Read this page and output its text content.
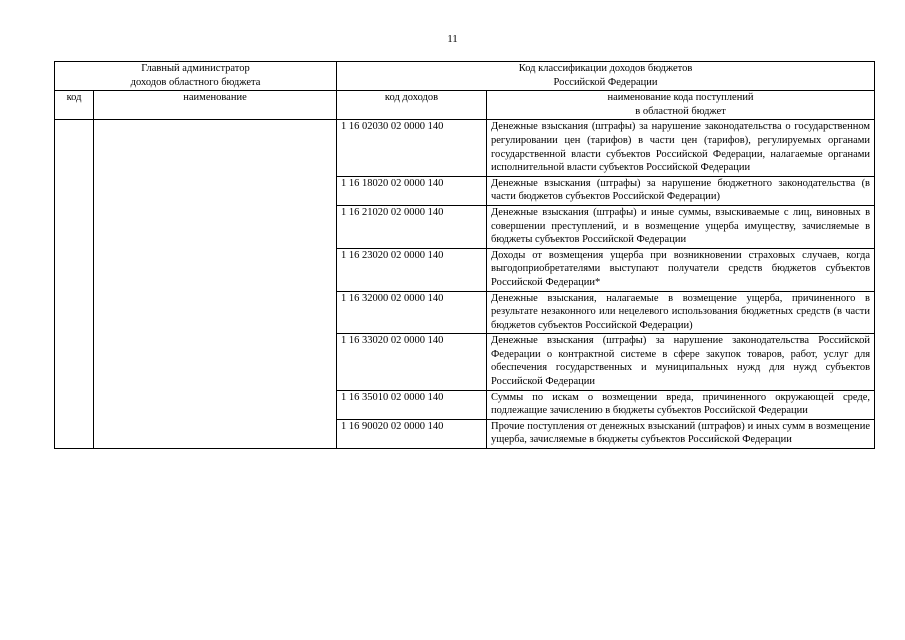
11
Главный администратор
доходов областного бюджета		Код классификации доходов бюджетов
Российской Федерации	

код	наименование	код доходов	наименование кода поступлений
в областной бюджет

		1 16 02030 02 0000 140	Денежные взыскания (штрафы) за нарушение законодательства о государственном регулировании цен (тарифов) в части цен (тарифов), регулируемых органами государственной власти субъектов Российской Федерации, налагаемые органами исполнительной власти субъектов Российской Федерации
		1 16 18020 02 0000 140	Денежные взыскания (штрафы) за нарушение бюджетного законодательства (в части бюджетов субъектов Российской Федерации)
		1 16 21020 02 0000 140	Денежные взыскания (штрафы) и иные суммы, взыскиваемые с лиц, виновных в совершении преступлений, и в возмещение ущерба имуществу, зачисляемые в бюджеты субъектов Российской Федерации
		1 16 23020 02 0000 140	Доходы от возмещения ущерба при возникновении страховых случаев, когда выгодоприобретателями выступают получатели средств бюджетов субъектов Российской Федерации*
		1 16 32000 02 0000 140	Денежные взыскания, налагаемые в возмещение ущерба, причиненного в результате незаконного или нецелевого использования бюджетных средств (в части бюджетов субъектов Российской Федерации)
		1 16 33020 02 0000 140	Денежные взыскания (штрафы) за нарушение законодательства Российской Федерации о контрактной системе в сфере закупок товаров, работ, услуг для обеспечения государственных и муниципальных нужд для нужд субъектов Российской Федерации
		1 16 35010 02 0000 140	Суммы по искам о возмещении вреда, причиненного окружающей среде, подлежащие зачислению в бюджеты субъектов Российской Федерации
		1 16 90020 02 0000 140	Прочие поступления от денежных взысканий (штрафов) и иных сумм в возмещение ущерба, зачисляемые в бюджеты субъектов Российской Федерации
